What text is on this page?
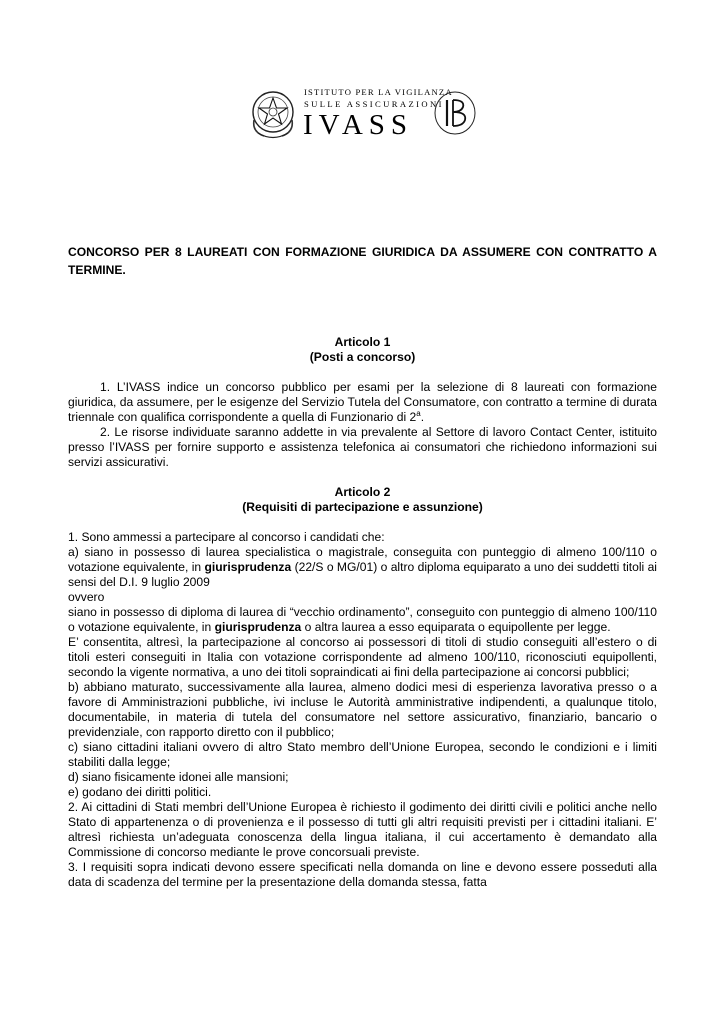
ISTITUTO PER LA VIGILANZA
SULLE ASSICURAZIONI
IVASS

CONCORSO PER 8 LAUREATI CON FORMAZIONE GIURIDICA DA ASSUMERE CON CONTRATTO A TERMINE.

Articolo 1

(Posti a concorso)

1. L’IVASS indice un concorso pubblico per esami per la selezione di 8 laureati con formazione giuridica, da assumere, per le esigenze del Servizio Tutela del Consumatore, con contratto a termine di durata triennale con qualifica corrispondente a quella di Funzionario di 2$^a$.

2. Le risorse individuate saranno addette in via prevalente al Settore di lavoro Contact Center, istituito presso l’IVASS per fornire supporto e assistenza telefonica ai consumatori che richiedono informazioni sui servizi assicurativi.

Articolo 2

(Requisiti di partecipazione e assunzione)

1. Sono ammessi a partecipare al concorso i candidati che:

a) siano in possesso di laurea specialistica o magistrale, conseguita con punteggio di almeno 100/110 o votazione equivalente, in giurisprudenza (22/S o MG/01) o altro diploma equiparato a uno dei suddetti titoli ai sensi del D.I. 9 luglio 2009

ovvero

siano in possesso di diploma di laurea di “vecchio ordinamento”, conseguito con punteggio di almeno 100/110 o votazione equivalente, in giurisprudenza o altra laurea a esso equiparata o equipollente per legge.

E’ consentita, altresì, la partecipazione al concorso ai possessori di titoli di studio conseguiti all’estero o di titoli esteri conseguiti in Italia con votazione corrispondente ad almeno 100/110, riconosciuti equipollenti, secondo la vigente normativa, a uno dei titoli sopraindicati ai fini della partecipazione ai concorsi pubblici;

b) abbiano maturato, successivamente alla laurea, almeno dodici mesi di esperienza lavorativa presso o a favore di Amministrazioni pubbliche, ivi incluse le Autorità amministrative indipendenti, a qualunque titolo, documentabile, in materia di tutela del consumatore nel settore assicurativo, finanziario, bancario o previdenziale, con rapporto diretto con il pubblico;

c) siano cittadini italiani ovvero di altro Stato membro dell’Unione Europea, secondo le condizioni e i limiti stabiliti dalla legge;

d) siano fisicamente idonei alle mansioni;

e) godano dei diritti politici.

2. Ai cittadini di Stati membri dell’Unione Europea è richiesto il godimento dei diritti civili e politici anche nello Stato di appartenenza o di provenienza e il possesso di tutti gli altri requisiti previsti per i cittadini italiani. E’ altresì richiesta un’adeguata conoscenza della lingua italiana, il cui accertamento è demandato alla Commissione di concorso mediante le prove concorsuali previste.

3. I requisiti sopra indicati devono essere specificati nella domanda on line e devono essere posseduti alla data di scadenza del termine per la presentazione della domanda stessa, fatta
